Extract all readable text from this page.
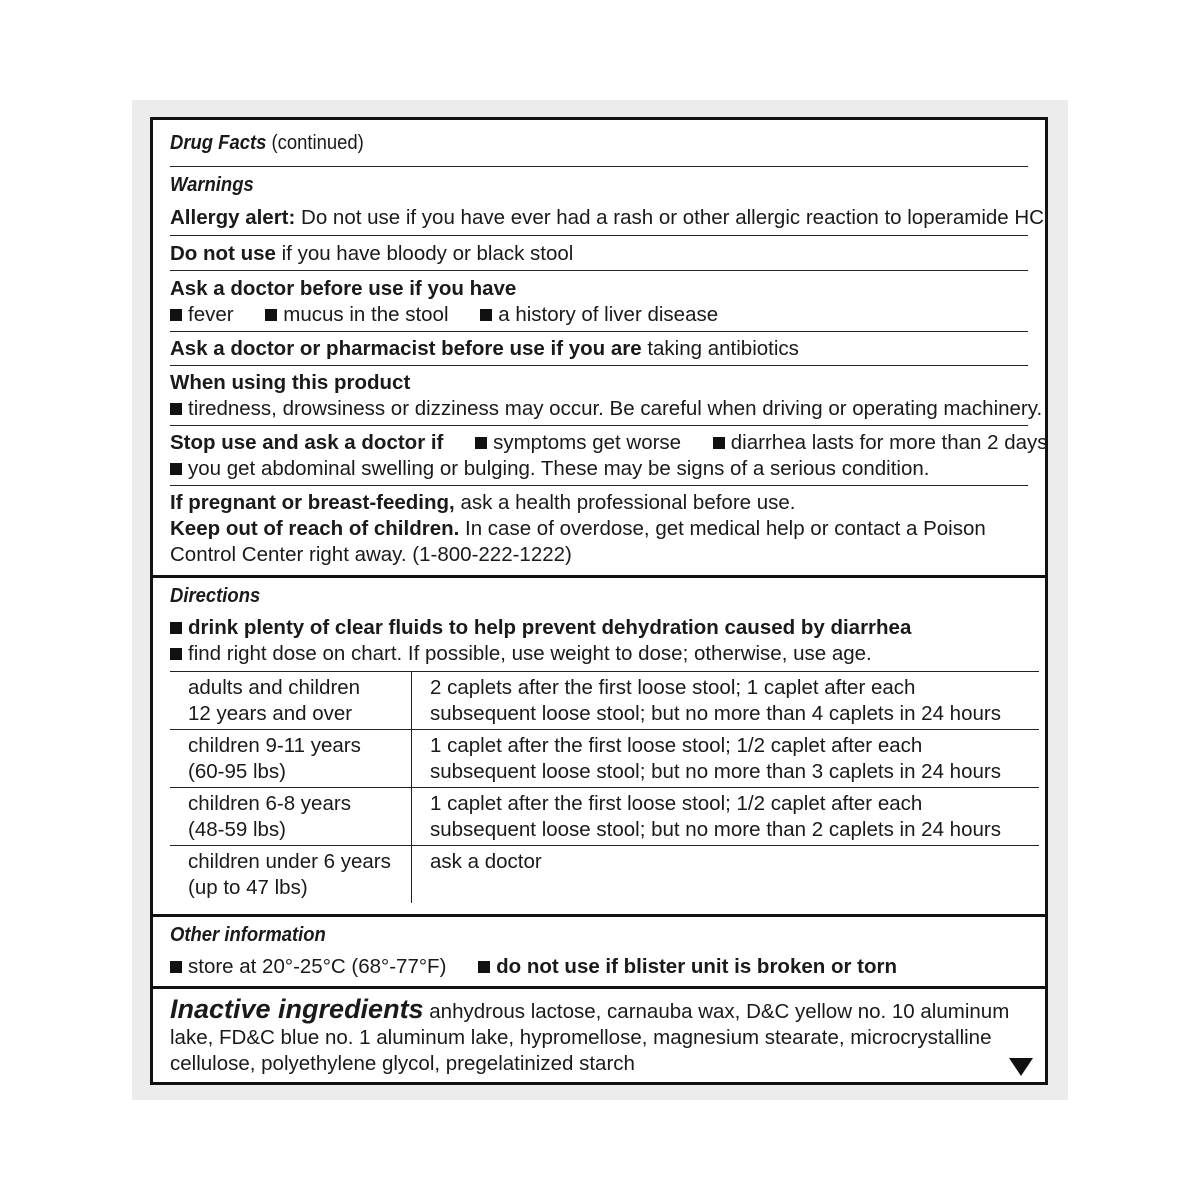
Drug Facts (continued)
Warnings
Allergy alert: Do not use if you have ever had a rash or other allergic reaction to loperamide HCl
Do not use if you have bloody or black stool
Ask a doctor before use if you have
fever mucus in the stool a history of liver disease
Ask a doctor or pharmacist before use if you are taking antibiotics
When using this product
tiredness, drowsiness or dizziness may occur. Be careful when driving or operating machinery.
Stop use and ask a doctor if symptoms get worse diarrhea lasts for more than 2 days
you get abdominal swelling or bulging. These may be signs of a serious condition.
If pregnant or breast-feeding, ask a health professional before use.
Keep out of reach of children. In case of overdose, get medical help or contact a Poison
Control Center right away. (1-800-222-1222)
Directions
drink plenty of clear fluids to help prevent dehydration caused by diarrhea
find right dose on chart. If possible, use weight to dose; otherwise, use age.
adults and children
12 years and over	2 caplets after the first loose stool; 1 caplet after each
subsequent loose stool; but no more than 4 caplets in 24 hours
children 9-11 years
(60-95 lbs)	1 caplet after the first loose stool; 1/2 caplet after each
subsequent loose stool; but no more than 3 caplets in 24 hours
children 6-8 years
(48-59 lbs)	1 caplet after the first loose stool; 1/2 caplet after each
subsequent loose stool; but no more than 2 caplets in 24 hours
children under 6 years
(up to 47 lbs)	ask a doctor

Other information
store at 20°-25°C (68°-77°F) do not use if blister unit is broken or torn
Inactive ingredients anhydrous lactose, carnauba wax, D&C yellow no. 10 aluminum
lake, FD&C blue no. 1 aluminum lake, hypromellose, magnesium stearate, microcrystalline
cellulose, polyethylene glycol, pregelatinized starch
